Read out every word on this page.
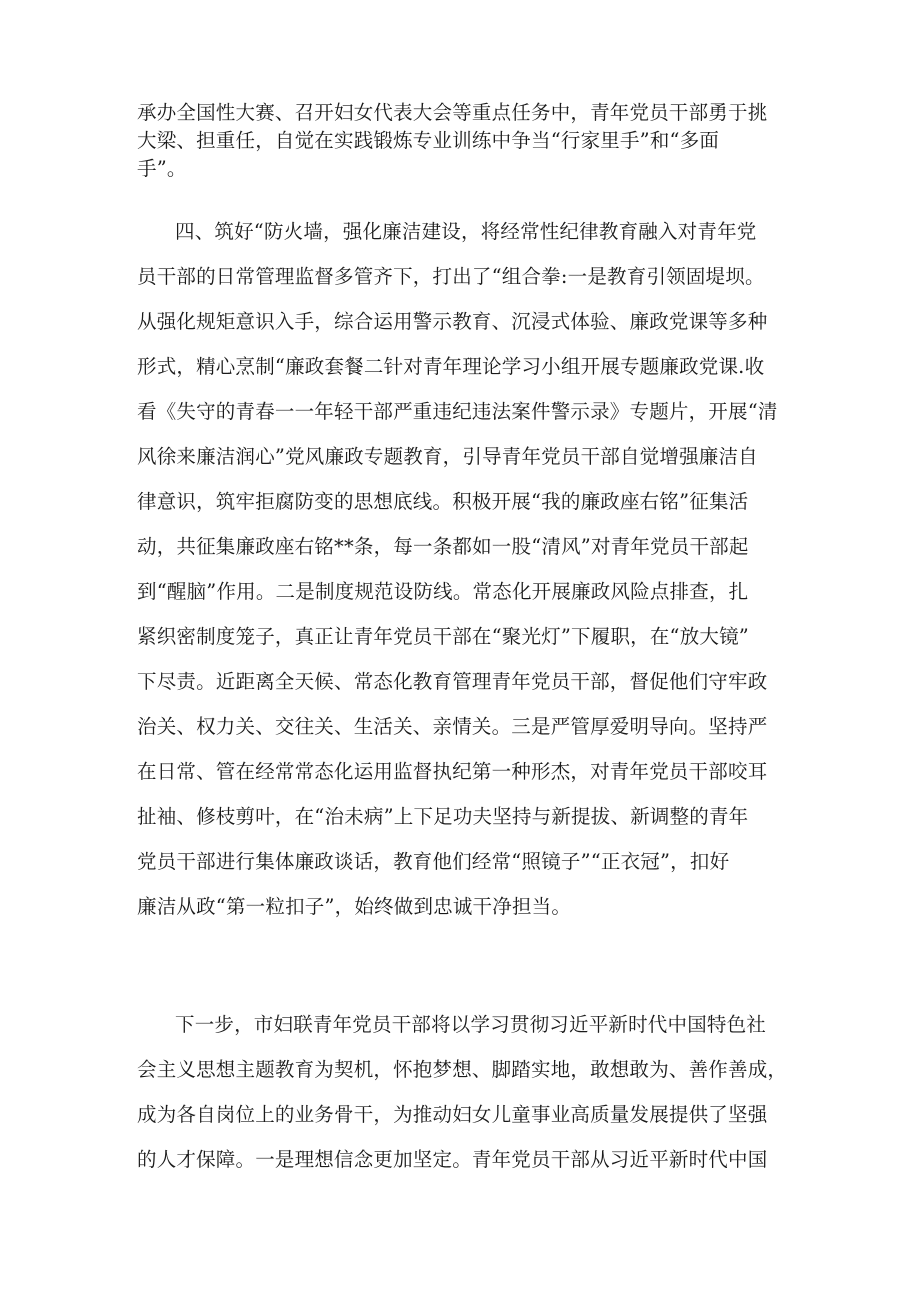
承办全国性大赛、召开妇女代表大会等重点任务中，青年党员干部勇于挑
大梁、担重任，自觉在实践锻炼专业训练中争当“行家里手”和“多面
手”。
四、筑好“防火墙，强化廉洁建设，将经常性纪律教育融入对青年党
员干部的日常管理监督多管齐下，打出了“组合拳:一是教育引领固堤坝。
从强化规矩意识入手，综合运用警示教育、沉浸式体验、廉政党课等多种
形式，精心烹制“廉政套餐二针对青年理论学习小组开展专题廉政党课.收
看《失守的青春一一年轻干部严重违纪违法案件警示录》专题片，开展“清
风徐来廉洁润心”党风廉政专题教育，引导青年党员干部自觉增强廉洁自
律意识，筑牢拒腐防变的思想底线。积极开展“我的廉政座右铭”征集活
动，共征集廉政座右铭**条，每一条都如一股“清风”对青年党员干部起
到“醒脑”作用。二是制度规范设防线。常态化开展廉政风险点排查，扎
紧织密制度笼子，真正让青年党员干部在“聚光灯”下履职，在“放大镜”
下尽责。近距离全天候、常态化教育管理青年党员干部，督促他们守牢政
治关、权力关、交往关、生活关、亲情关。三是严管厚爱明导向。坚持严
在日常、管在经常常态化运用监督执纪第一种形杰，对青年党员干部咬耳
扯袖、修枝剪叶，在“治未病”上下足功夫坚持与新提拔、新调整的青年
党员干部进行集体廉政谈话，教育他们经常“照镜子”“正衣冠”，扣好
廉洁从政“第一粒扣子”，始终做到忠诚干净担当。
下一步，市妇联青年党员干部将以学习贯彻习近平新时代中国特色社
会主义思想主题教育为契机，怀抱梦想、脚踏实地，敢想敢为、善作善成，
成为各自岗位上的业务骨干，为推动妇女儿童事业高质量发展提供了坚强
的人才保障。一是理想信念更加坚定。青年党员干部从习近平新时代中国
